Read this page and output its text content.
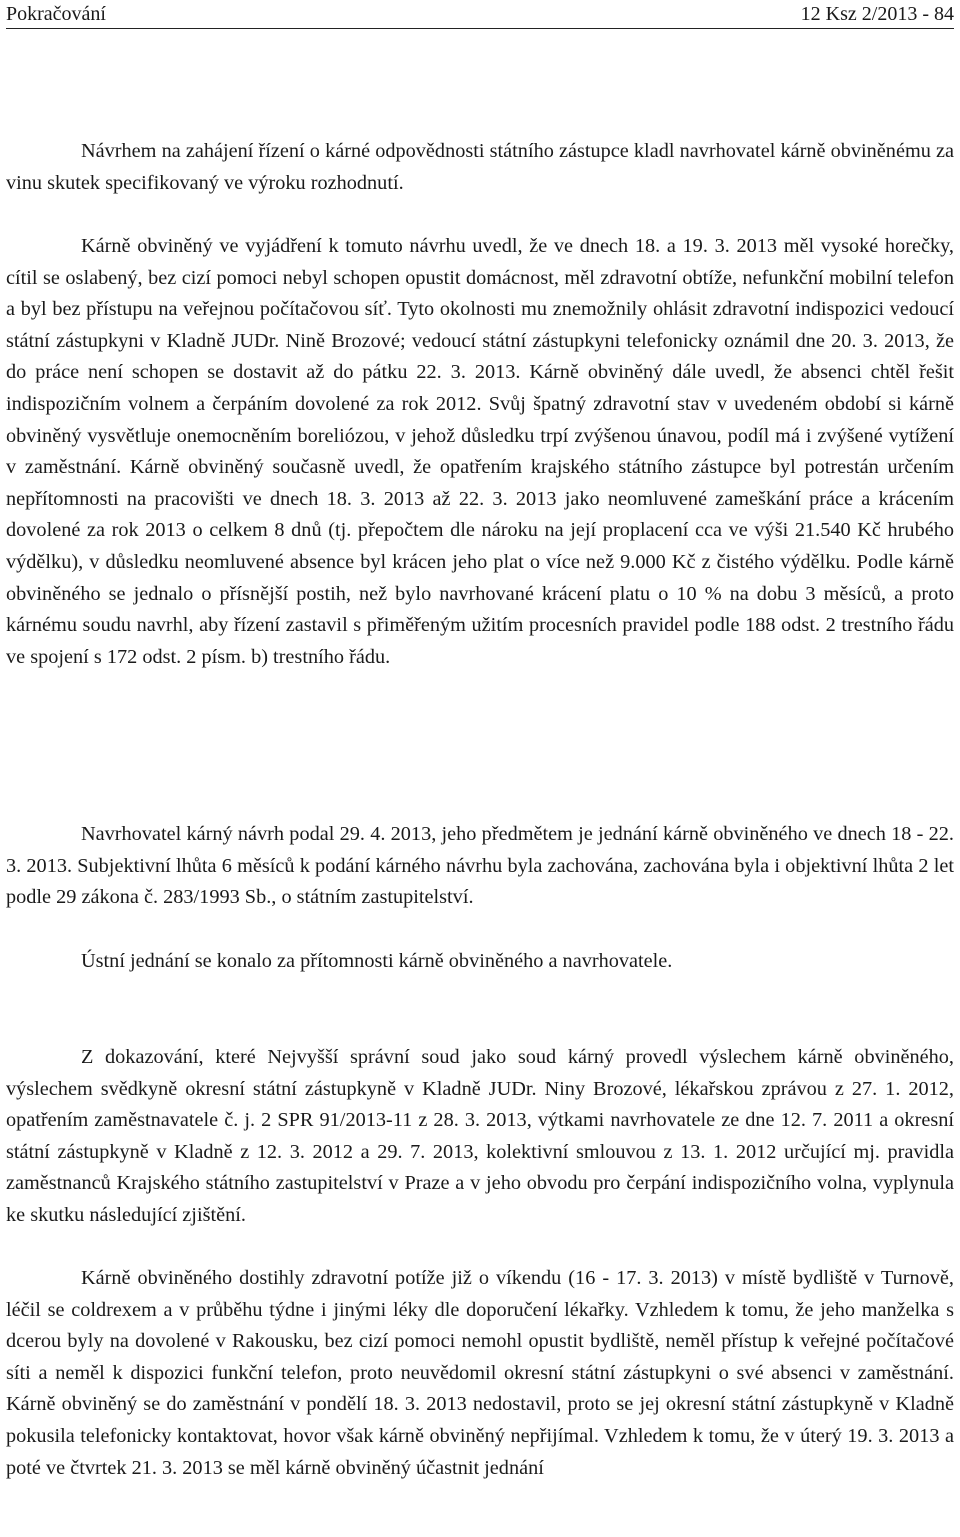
Pokračování	12 Ksz 2/2013 - 84

Návrhem na zahájení řízení o kárné odpovědnosti státního zástupce kladl navrhovatel kárně obviněnému za vinu skutek specifikovaný ve výroku rozhodnutí.

Kárně obviněný ve vyjádření k tomuto návrhu uvedl, že ve dnech 18. a 19. 3. 2013 měl vysoké horečky, cítil se oslabený, bez cizí pomoci nebyl schopen opustit domácnost, měl zdravotní obtíže, nefunkční mobilní telefon a byl bez přístupu na veřejnou počítačovou síť. Tyto okolnosti mu znemožnily ohlásit zdravotní indispozici vedoucí státní zástupkyni v Kladně JUDr. Nině Brozové; vedoucí státní zástupkyni telefonicky oznámil dne 20. 3. 2013, že do práce není schopen se dostavit až do pátku 22. 3. 2013. Kárně obviněný dále uvedl, že absenci chtěl řešit indispozičním volnem a čerpáním dovolené za rok 2012. Svůj špatný zdravotní stav v uvedeném období si kárně obviněný vysvětluje onemocněním boreliózou, v jehož důsledku trpí zvýšenou únavou, podíl má i zvýšené vytížení v zaměstnání. Kárně obviněný současně uvedl, že opatřením krajského státního zástupce byl potrestán určením nepřítomnosti na pracovišti ve dnech 18. 3. 2013 až 22. 3. 2013 jako neomluvené zameškání práce a krácením dovolené za rok 2013 o celkem 8 dnů (tj. přepočtem dle nároku na její proplacení cca ve výši 21.540 Kč hrubého výdělku), v důsledku neomluvené absence byl krácen jeho plat o více než 9.000 Kč z čistého výdělku. Podle kárně obviněného se jednalo o přísnější postih, než bylo navrhované krácení platu o 10 % na dobu 3 měsíců, a proto kárnému soudu navrhl, aby řízení zastavil s přiměřeným užitím procesních pravidel podle 188 odst. 2 trestního řádu ve spojení s 172 odst. 2 písm. b) trestního řádu.

Navrhovatel kárný návrh podal 29. 4. 2013, jeho předmětem je jednání kárně obviněného ve dnech 18 - 22. 3. 2013. Subjektivní lhůta 6 měsíců k podání kárného návrhu byla zachována, zachována byla i objektivní lhůta 2 let podle 29 zákona č. 283/1993 Sb., o státním zastupitelství.

Ústní jednání se konalo za přítomnosti kárně obviněného a navrhovatele.

Z dokazování, které Nejvyšší správní soud jako soud kárný provedl výslechem kárně obviněného, výslechem svědkyně okresní státní zástupkyně v Kladně JUDr. Niny Brozové, lékařskou zprávou z 27. 1. 2012, opatřením zaměstnavatele č. j. 2 SPR 91/2013-11 z 28. 3. 2013, výtkami navrhovatele ze dne 12. 7. 2011 a okresní státní zástupkyně v Kladně z 12. 3. 2012 a 29. 7. 2013, kolektivní smlouvou z 13. 1. 2012 určující mj. pravidla zaměstnanců Krajského státního zastupitelství v Praze a v jeho obvodu pro čerpání indispozičního volna, vyplynula ke skutku následující zjištění.

Kárně obviněného dostihly zdravotní potíže již o víkendu (16 - 17. 3. 2013) v místě bydliště v Turnově, léčil se coldrexem a v průběhu týdne i jinými léky dle doporučení lékařky. Vzhledem k tomu, že jeho manželka s dcerou byly na dovolené v Rakousku, bez cizí pomoci nemohl opustit bydliště, neměl přístup k veřejné počítačové síti a neměl k dispozici funkční telefon, proto neuvědomil okresní státní zástupkyni o své absenci v zaměstnání. Kárně obviněný se do zaměstnání v pondělí 18. 3. 2013 nedostavil, proto se jej okresní státní zástupkyně v Kladně pokusila telefonicky kontaktovat, hovor však kárně obviněný nepřijímal. Vzhledem k tomu, že v úterý 19. 3. 2013 a poté ve čtvrtek 21. 3. 2013 se měl kárně obviněný účastnit jednání
